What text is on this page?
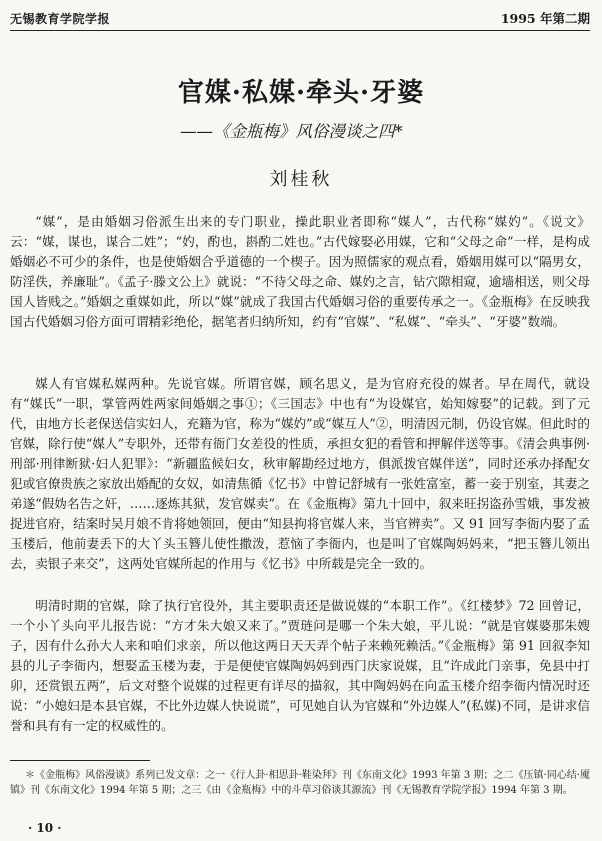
无锡教育学院学报	1995 年第二期
官媒·私媒·牵头·牙婆
——《金瓶梅》风俗漫谈之四*
刘桂秋

“媒”，是由婚姻习俗派生出来的专门职业，操此职业者即称“媒人”，古代称“媒妁”。《说文》云：“媒，谋也，谋合二姓”；“妁，酌也，斟酌二姓也。”古代嫁娶必用媒，它和“父母之命”一样，是构成婚姻必不可少的条件，也是使婚姻合乎道德的一个楔子。因为照儒家的观点看，婚姻用媒可以“隔男女，防淫佚，养廉耻”。《孟子·滕文公上》就说：“不待父母之命、媒妁之言，钻穴隙相窥，逾墙相送，则父母国人皆贱之。”婚姻之重媒如此，所以“媒”就成了我国古代婚姻习俗的重要传承之一。《金瓶梅》在反映我国古代婚姻习俗方面可谓精彩绝伦，据笔者归纳所知，约有“官媒”、“私媒”、“牵头”、“牙婆”数端。

媒人有官媒私媒两种。先说官媒。所谓官媒，顾名思义，是为官府充役的媒者。早在周代，就设有“媒氏”一职，掌管两姓两家间婚姻之事①；《三国志》中也有“为设媒官，始知嫁娶”的记载。到了元代，由地方长老保送信实妇人，充籍为官，称为“媒妁”或“媒互人”②，明清因元制，仍设官媒。但此时的官媒，除行使“媒人”专职外，还带有衙门女差役的性质，承担女犯的看管和押解伴送等事。《清会典事例·刑部·刑律断狱·妇人犯罪》：“新疆监候妇女，秋审解勘经过地方，俱派拨官媒伴送”，同时还承办择配女犯或官僚贵族之家放出婚配的女奴，如清焦循《忆书》中曾记舒城有一张姓富室，蓄一妾于别室，其妻之弟遂“假妫名告之奸，……逐炼其狱，发官媒卖”。在《金瓶梅》第九十回中，叙来旺拐盗孙雪娥，事发被捉进官府，结案时吴月娘不肯将她领回，便由“知县拘将官媒人来，当官辨卖”。又 91 回写李衙内娶了孟玉楼后，他前妻丢下的大丫头玉簪儿使性撒泼，惹恼了李衙内，也是叫了官媒陶妈妈来，“把玉簪儿领出去，卖银子来交”，这两处官媒所起的作用与《忆书》中所载是完全一致的。

明清时期的官媒，除了执行官役外，其主要职责还是做说媒的“本职工作”。《红楼梦》72 回曾记，一个小丫头向平儿报告说：“方才朱大娘又来了。”贾琏问是哪一个朱大娘，平儿说：“就是官媒婆那朱嫂子，因有什么孙大人来和咱们求亲，所以他这两日天天弄个帖子来赖死赖活。”《金瓶梅》第 91 回叙李知县的儿子李衙内，想娶孟玉楼为妻，于是便使官媒陶妈妈到西门庆家说媒，且“许成此门亲事，免县中打卯，还赏银五两”，后文对整个说媒的过程更有详尽的描叙，其中陶妈妈在向孟玉楼介绍李衙内情况时还说：“小媳妇是本县官媒，不比外边媒人快说谎”，可见她自认为官媒和“外边媒人”(私媒)不同，是讲求信誉和具有有一定的权威性的。

＊《金瓶梅》风俗漫谈》系列已发文章：之一《行人卦·相思卦·鞋染拜》刊《东南文化》1993 年第 3 期；之二《压镇·同心结·魇镇》刊《东南文化》1994 年第 5 期；之三《由《金瓶梅》中的斗草习俗谈其源流》刊《无锡教育学院学报》1994 年第 3 期。

· 10 ·
